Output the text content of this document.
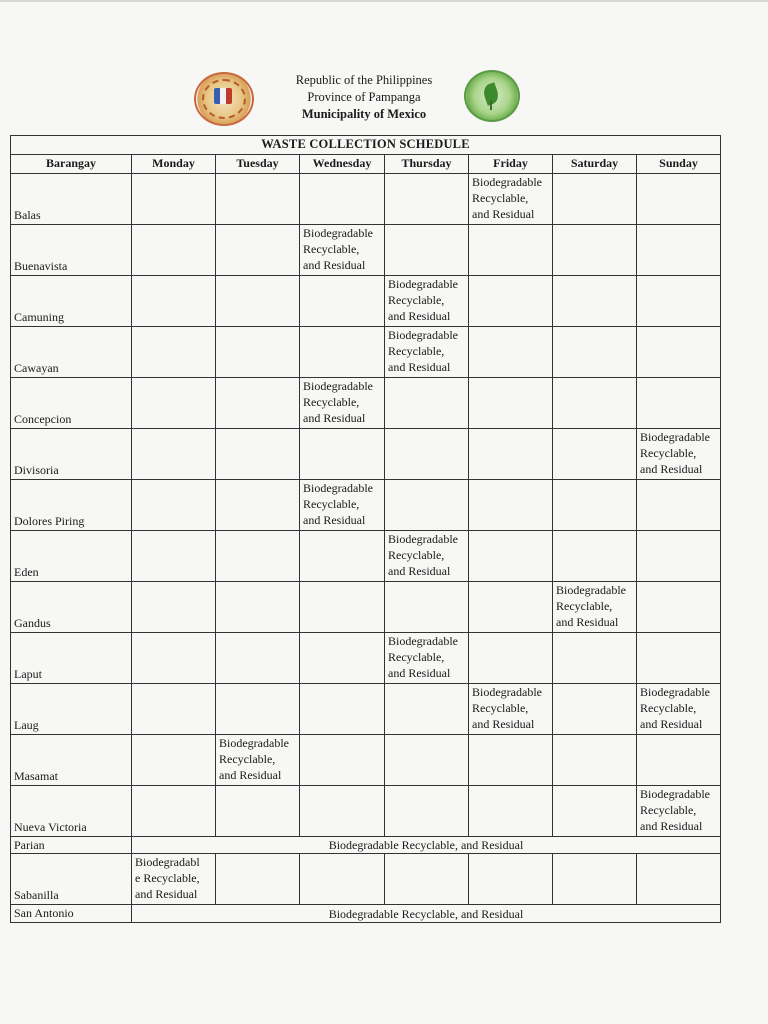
Republic of the Philippines
Province of Pampanga
Municipality of Mexico
WASTE COLLECTION SCHEDULE							
Barangay	Monday	Tuesday	Wednesday	Thursday	Friday	Saturday	Sunday
Balas					Biodegradable
Recyclable,
and Residual		

Buenavista			Biodegradable
Recyclable,
and Residual				

Camuning				Biodegradable
Recyclable,
and Residual			

Cawayan				Biodegradable
Recyclable,
and Residual			

Concepcion			Biodegradable
Recyclable,
and Residual				

Divisoria							Biodegradable
Recyclable,
and Residual

Dolores Piring			Biodegradable
Recyclable,
and Residual				

Eden				Biodegradable
Recyclable,
and Residual			

Gandus						Biodegradable
Recyclable,
and Residual	

Laput				Biodegradable
Recyclable,
and Residual			

Laug					Biodegradable
Recyclable,
and Residual		Biodegradable
Recyclable,
and Residual

Masamat		Biodegradable
Recyclable,
and Residual					

Nueva Victoria							Biodegradable
Recyclable,
and Residual

Parian	Biodegradable Recyclable, and Residual						
Sabanilla	Biodegradabl
e Recyclable,
and Residual						

San Antonio	Biodegradable Recyclable, and Residual						
